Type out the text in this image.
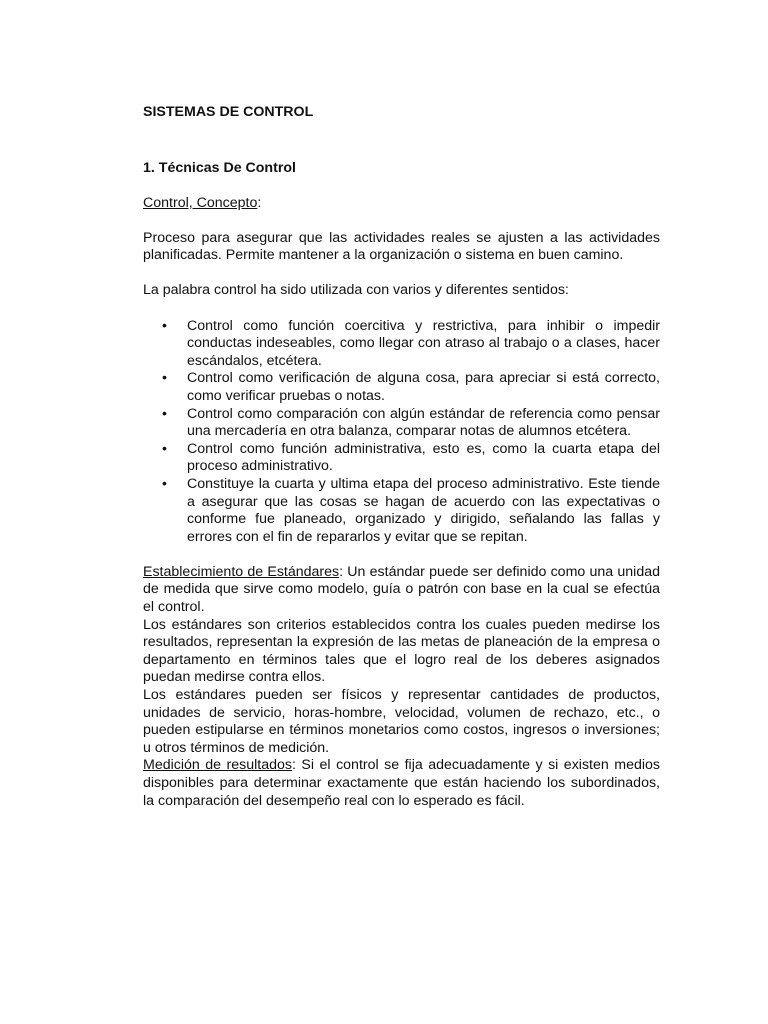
SISTEMAS DE CONTROL

1. Técnicas De Control

Control, Concepto:

Proceso para asegurar que las actividades reales se ajusten a las actividades planificadas. Permite mantener a la organización o sistema en buen camino.

La palabra control ha sido utilizada con varios y diferentes sentidos:

• Control como función coercitiva y restrictiva, para inhibir o impedir conductas indeseables, como llegar con atraso al trabajo o a clases, hacer escándalos, etcétera.
• Control como verificación de alguna cosa, para apreciar si está correcto, como verificar pruebas o notas.
• Control como comparación con algún estándar de referencia como pensar una mercadería en otra balanza, comparar notas de alumnos etcétera.
• Control como función administrativa, esto es, como la cuarta etapa del proceso administrativo.
• Constituye la cuarta y ultima etapa del proceso administrativo. Este tiende a asegurar que las cosas se hagan de acuerdo con las expectativas o conforme fue planeado, organizado y dirigido, señalando las fallas y errores con el fin de repararlos y evitar que se repitan.

Establecimiento de Estándares: Un estándar puede ser definido como una unidad de medida que sirve como modelo, guía o patrón con base en la cual se efectúa el control.

Los estándares son criterios establecidos contra los cuales pueden medirse los resultados, representan la expresión de las metas de planeación de la empresa o departamento en términos tales que el logro real de los deberes asignados puedan medirse contra ellos.

Los estándares pueden ser físicos y representar cantidades de productos, unidades de servicio, horas-hombre, velocidad, volumen de rechazo, etc., o pueden estipularse en términos monetarios como costos, ingresos o inversiones; u otros términos de medición.

Medición de resultados: Si el control se fija adecuadamente y si existen medios disponibles para determinar exactamente que están haciendo los subordinados, la comparación del desempeño real con lo esperado es fácil.
